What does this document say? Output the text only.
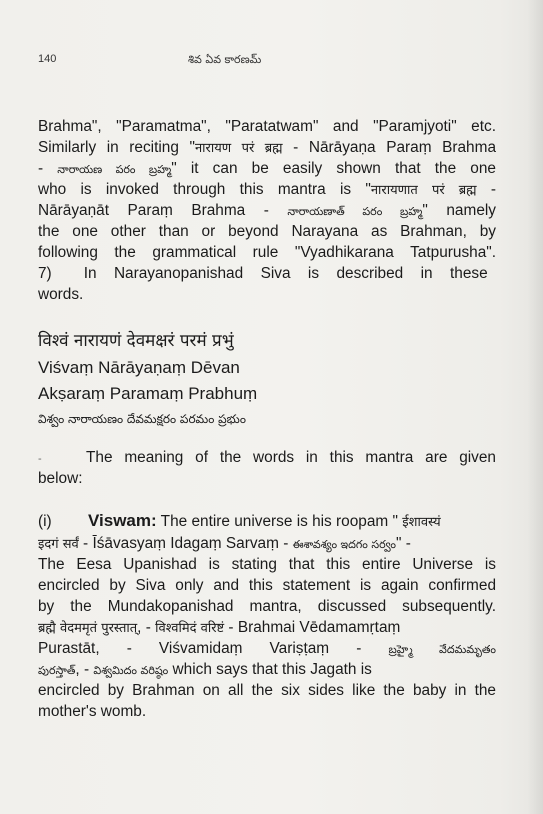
140	శివ ఏవ కారణమ్
Brahma", "Paramatma", "Paratatwam" and "Paramjyoti" etc.
Similarly in reciting "नारायण परं ब्रह्म - Nārāyaṇa Paraṃ Brahma
- నారాయణ పరం బ్రహ్మ" it can be easily shown that the one
who is invoked through this mantra is "नारायणात परं ब्रह्म -
Nārāyaṇāt Paraṃ Brahma - నారాయణాత్ పరం బ్రహ్మ" namely
the one other than or beyond Narayana as Brahman, by
following the grammatical rule "Vyadhikarana Tatpurusha".
7) In Narayanopanishad Siva is described in these
words.
विश्वं नारायणं देवमक्षरं परमं प्रभुं
Viśvaṃ Nārāyaṇaṃ Dēvan
Akṣaraṃ Paramaṃ Prabhuṃ
విశ్వం నారాయణం దేవమక్షరం పరమం ప్రభుం
-	The meaning of the words in this mantra are given
below:
(i) Viswam: The entire universe is his roopam " ईशावस्यं
इदगं सर्वं - Īśāvasyaṃ Idagaṃ Sarvaṃ - ఈశావశ్యం ఇదగం సర్వం" -
The Eesa Upanishad is stating that this entire Universe is
encircled by Siva only and this statement is again confirmed
by the Mundakopanishad mantra, discussed subsequently.
ब्रह्मै वेदममृतं पुरस्तात्, - विश्वमिदं वरिष्टं - Brahmai Vēdamamṛtaṃ
Purastāt, - Viśvamidaṃ Variṣṭaṃ - బ్రహ్మై వేదమమృతం
పురస్తాత్, - విశ్వమిదం వరిష్ఠం which says that this Jagath is
encircled by Brahman on all the six sides like the baby in the
mother's womb.
